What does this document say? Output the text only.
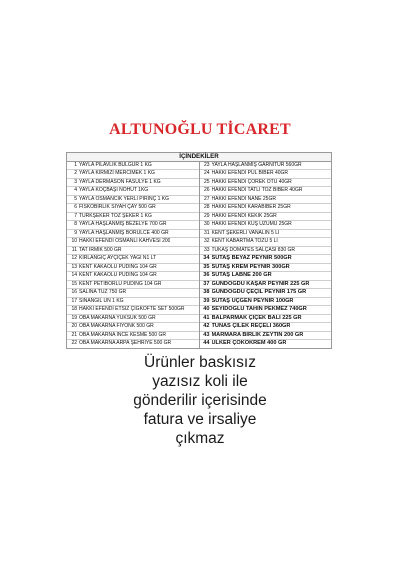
ALTUNOĞLU TİCARET
İÇİNDEKİLER
1 YAYLA PİLAVLIK BULGUR 1 KG
2 YAYLA KIRMIZI MERCİMEK 1 KG
3 YAYLA DERMASON FASULYE 1 KG
4 YAYLA KOÇBAŞI NOHUT 1KG
5 YAYLA OSMANCIK YERLİ PİRİNÇ 1 KG
6 FİSKOBİRLİK SİYAH ÇAY 500 GR
7 TÜRKŞEKER TOZ ŞEKER 1 KG
8 YAYLA HAŞLANMIŞ BEZELYE 700 GR
9 YAYLA HAŞLANMIŞ BÖRÜLCE 400 GR
10 HAKKI EFENDİ OSMANLI KAHVESİ 200
11 TAT İRMİK 500 GR
12 KIRLANGIÇ AYÇİÇEK YAĞI N1 LT
13 KENT KAKAOLU PUDING 104 GR
14 KENT KAKAOLU PUDING 104 GR
15 KENT PETİBÖRLÜ PUDİNG 104 GR
16 SALİNA TUZ 750 GR
17 SİNANGİL UN 1 KG
18 HAKKI EFENDİ ETSİZ ÇİĞKÖFTE SET 500GR
19 OBA MAKARNA YÜKSÜK 500 GR
20 OBA MAKARNA FİYONK 500 GR
21 OBA MAKARNA İNCE KESME 500 GR
22 OBA MAKARNA ARPA ŞEHRİYE 500 GR
23 YAYLA HAŞLANMIŞ GARNİTÜR 560GR
24 HAKKI EFENDİ PUL BİBER 40GR
25 HAKKI EFENDİ ÇÖREK OTU 40GR
26 HAKKI EFENDİ TATLI TOZ BİBER 40GR
27 HAKKI EFENDİ NANE 25GR
28 HAKKI EFENDİ KARABİBER 25GR
29 HAKKI EFENDİ KEKİK 25GR
30 HAKKI EFENDİ KUŞ ÜZÜMÜ 25GR
31 KENT ŞEKERLİ VANALİN 5 Lİ
32 KENT KABARTMA TOZU 5 Lİ
33 TUKAŞ DOMATES SALÇASI 830 GR
34 SÜTAŞ BEYAZ PEYNİR 500GR
35 SÜTAŞ KREM PEYNİR 300GR
36 SÜTAŞ LABNE 200 GR
37 GÜNDOĞDU KAŞAR PEYNİR 225 GR
38 GÜNDOĞDU ÇEÇİL PEYNİR 175 GR
39 SÜTAŞ ÜÇGEN PEYNİR 100GR
40 SEYİDOĞLU TAHİN PEKMEZ 740GR
41 BALPARMAK ÇİÇEK BALI 225 GR
42 TUNAS ÇİLEK REÇELİ 360GR
43 MARMARA BİRLİK ZEYTİN 200 GR
44 ÜLKER ÇOKOKREM 400 GR
Ürünler baskısız
yazısız koli ile
gönderilir içerisinde
fatura ve irsaliye
çıkmaz
